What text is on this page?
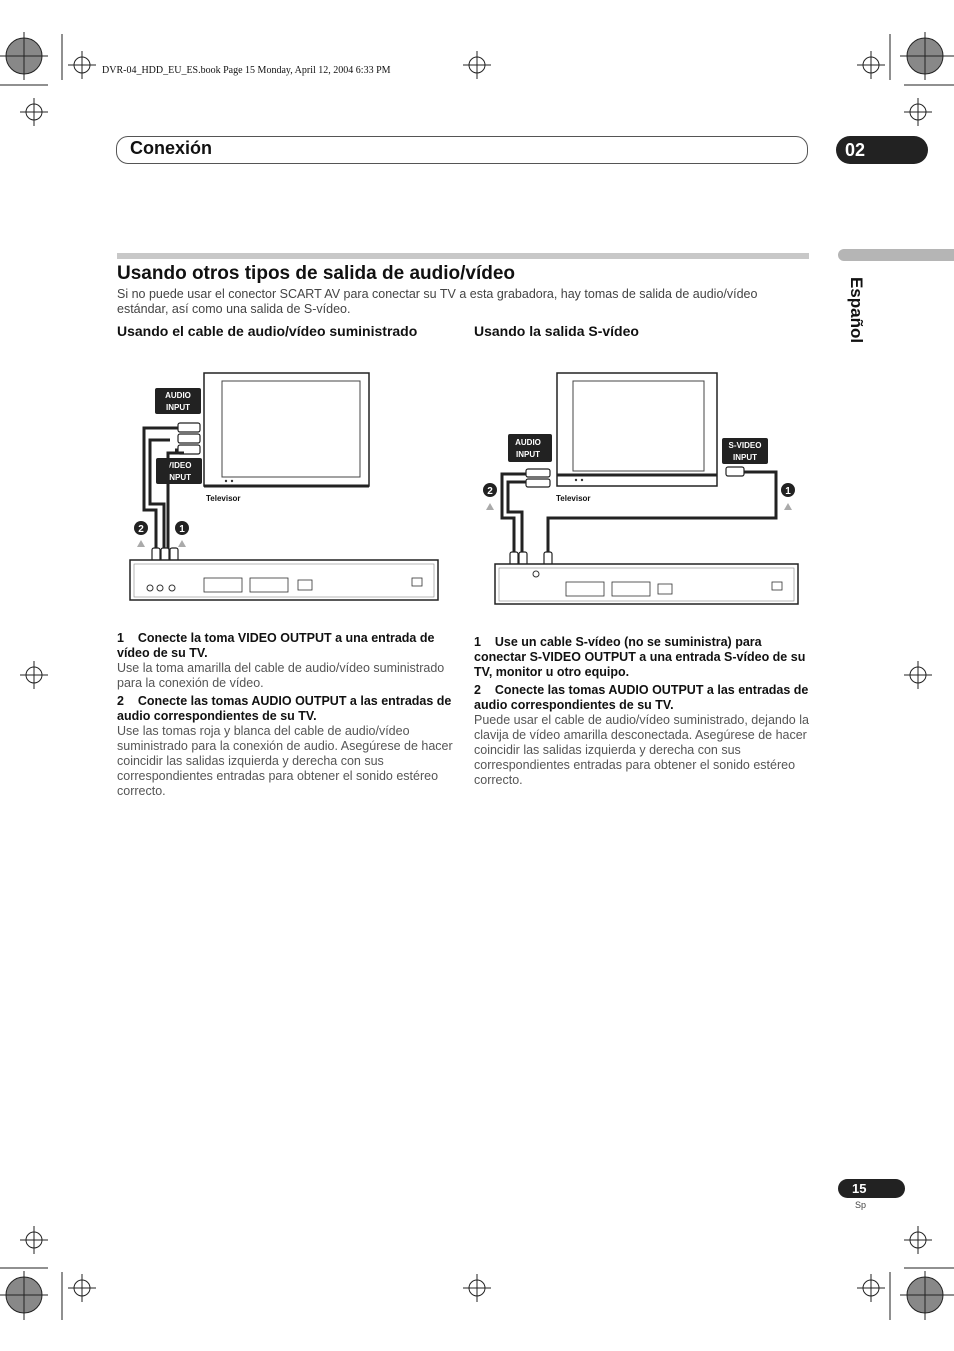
DVR-04_HDD_EU_ES.book Page 15 Monday, April 12, 2004 6:33 PM
Conexión	02
Español
Usando otros tipos de salida de audio/vídeo
Si no puede usar el conector SCART AV para conectar su TV a esta grabadora, hay tomas de salida de audio/vídeo estándar, así como una salida de S-vídeo.
Usando el cable de audio/vídeo suministrado	Usando la salida S-vídeo
AUDIO
INPUT
VIDEO
INPUT
Televisor
2	1
AUDIO
INPUT
S-VIDEO
INPUT
Televisor
2	1
1 Conecte la toma VIDEO OUTPUT a una entrada de vídeo de su TV.
Use la toma amarilla del cable de audio/vídeo suministrado para la conexión de vídeo.
2 Conecte las tomas AUDIO OUTPUT a las entradas de audio correspondientes de su TV.
Use las tomas roja y blanca del cable de audio/vídeo suministrado para la conexión de audio. Asegúrese de hacer coincidir las salidas izquierda y derecha con sus correspondientes entradas para obtener el sonido estéreo correcto.
1 Use un cable S-vídeo (no se suministra) para conectar S-VIDEO OUTPUT a una entrada S-vídeo de su TV, monitor u otro equipo.
2 Conecte las tomas AUDIO OUTPUT a las entradas de audio correspondientes de su TV.
Puede usar el cable de audio/vídeo suministrado, dejando la clavija de vídeo amarilla desconectada. Asegúrese de hacer coincidir las salidas izquierda y derecha con sus correspondientes entradas para obtener el sonido estéreo correcto.
15
Sp
